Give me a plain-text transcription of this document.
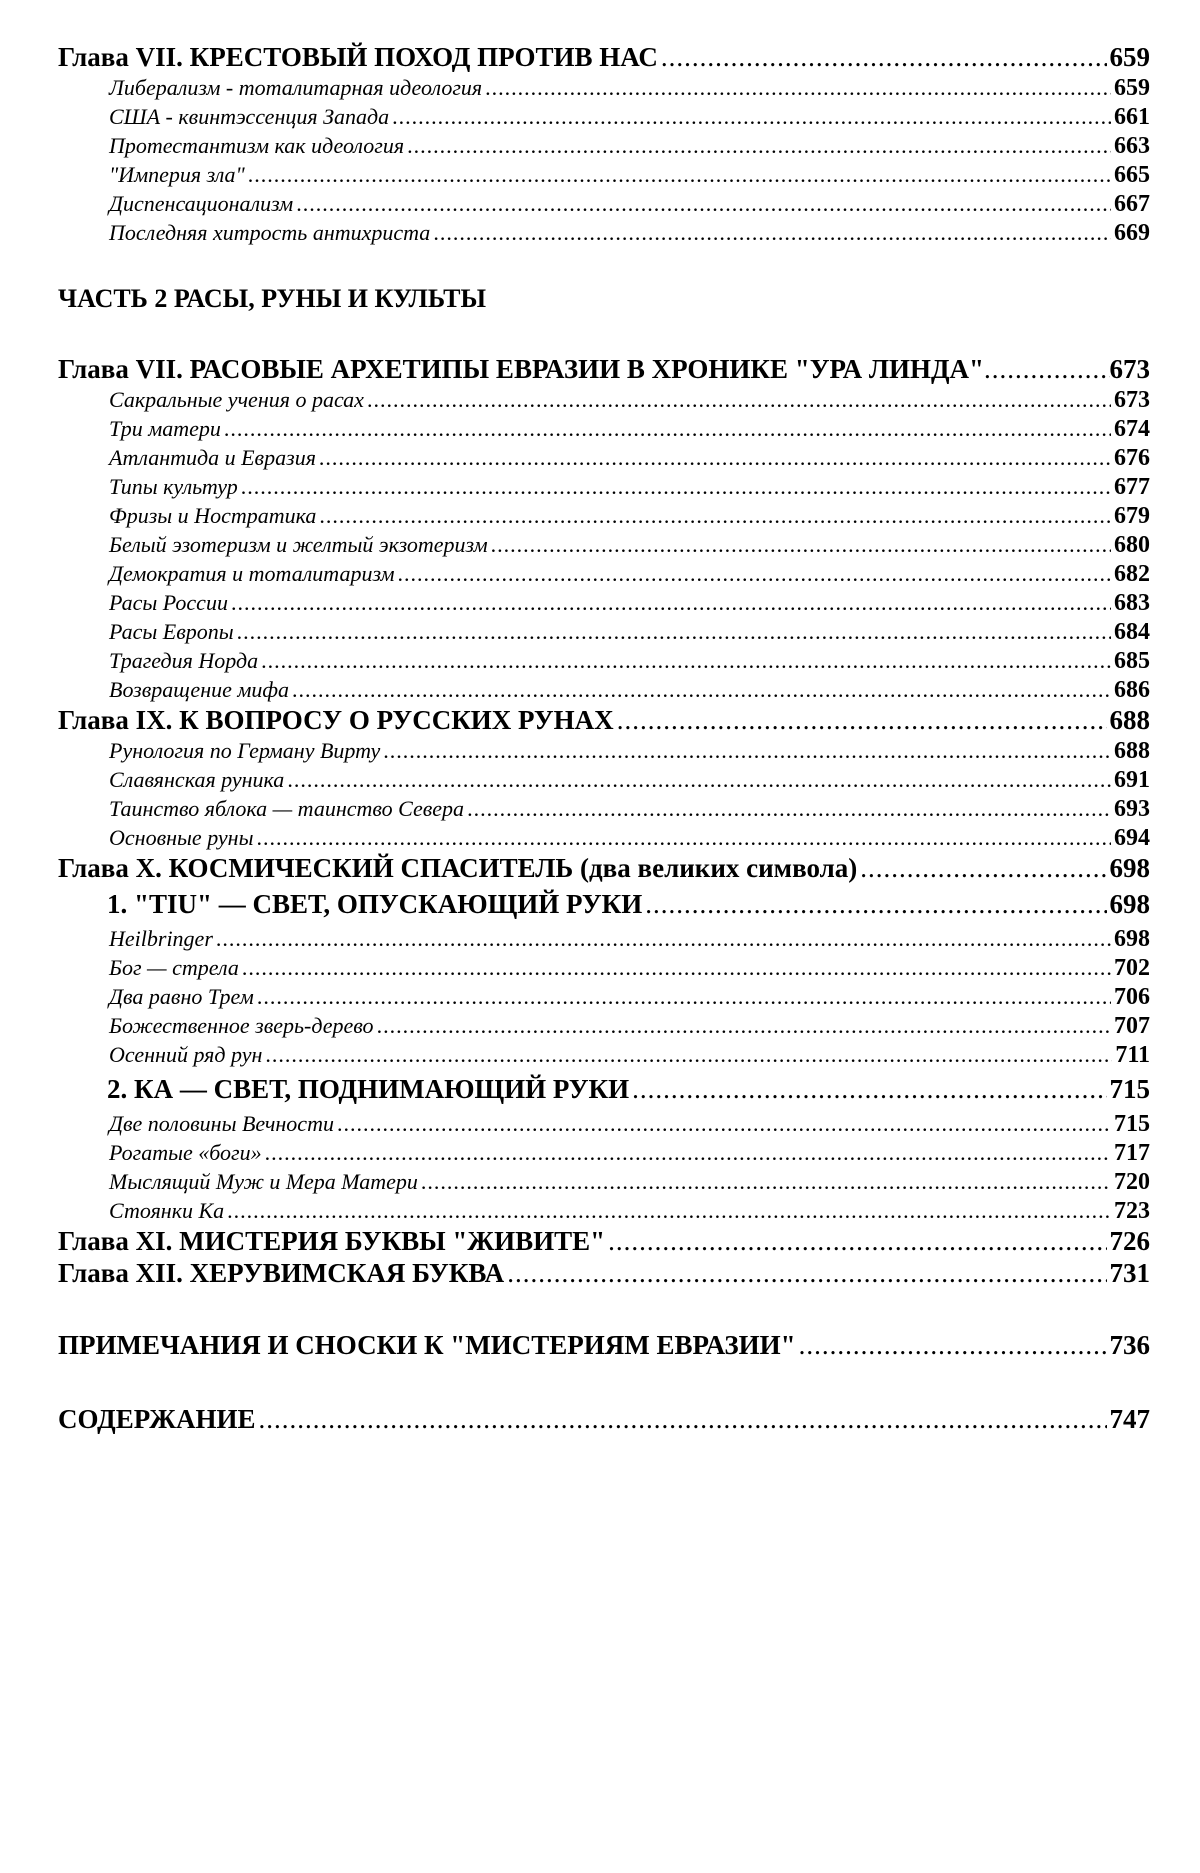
Глава VII. КРЕСТОВЫЙ ПОХОД ПРОТИВ НАС .....	659
Либерализм - тоталитарная идеология .....	659
США - квинтэссенция Запада .....	661
Протестантизм как идеология .....	663
"Империя зла" .....	665
Диспенсационализм .....	667
Последняя хитрость антихриста .....	669
ЧАСТЬ 2 РАСЫ, РУНЫ И КУЛЬТЫ
Глава VII. РАСОВЫЕ АРХЕТИПЫ ЕВРАЗИИ В ХРОНИКЕ "УРА ЛИНДА" .....	673
Сакральные учения о расах .....	673
Три матери .....	674
Атлантида и Евразия .....	676
Типы культур .....	677
Фризы и Ностратика .....	679
Белый эзотеризм и желтый экзотеризм .....	680
Демократия и тоталитаризм .....	682
Расы России .....	683
Расы Европы .....	684
Трагедия Норда .....	685
Возвращение мифа .....	686
Глава IX. К ВОПРОСУ О РУССКИХ РУНАХ .....	688
Рунология по Герману Вирту .....	688
Славянская руника .....	691
Таинство яблока — таинство Севера .....	693
Основные руны .....	694
Глава X. КОСМИЧЕСКИЙ СПАСИТЕЛЬ (два великих символа) .....	698
1. "TIU" — СВЕТ, ОПУСКАЮЩИЙ РУКИ .....	698
Heilbringer .....	698
Бог — стрела .....	702
Два равно Трем .....	706
Божественное зверь-дерево .....	707
Осенний ряд рун .....	711
2. КА — СВЕТ, ПОДНИМАЮЩИЙ РУКИ .....	715
Две половины Вечности .....	715
Рогатые «боги» .....	717
Мыслящий Муж и Мера Матери .....	720
Стоянки Ка .....	723
Глава XI. МИСТЕРИЯ БУКВЫ "ЖИВИТЕ" .....	726
Глава XII. ХЕРУВИМСКАЯ БУКВА .....	731
ПРИМЕЧАНИЯ И СНОСКИ К "МИСТЕРИЯМ ЕВРАЗИИ" .....	736
СОДЕРЖАНИЕ .....	747
